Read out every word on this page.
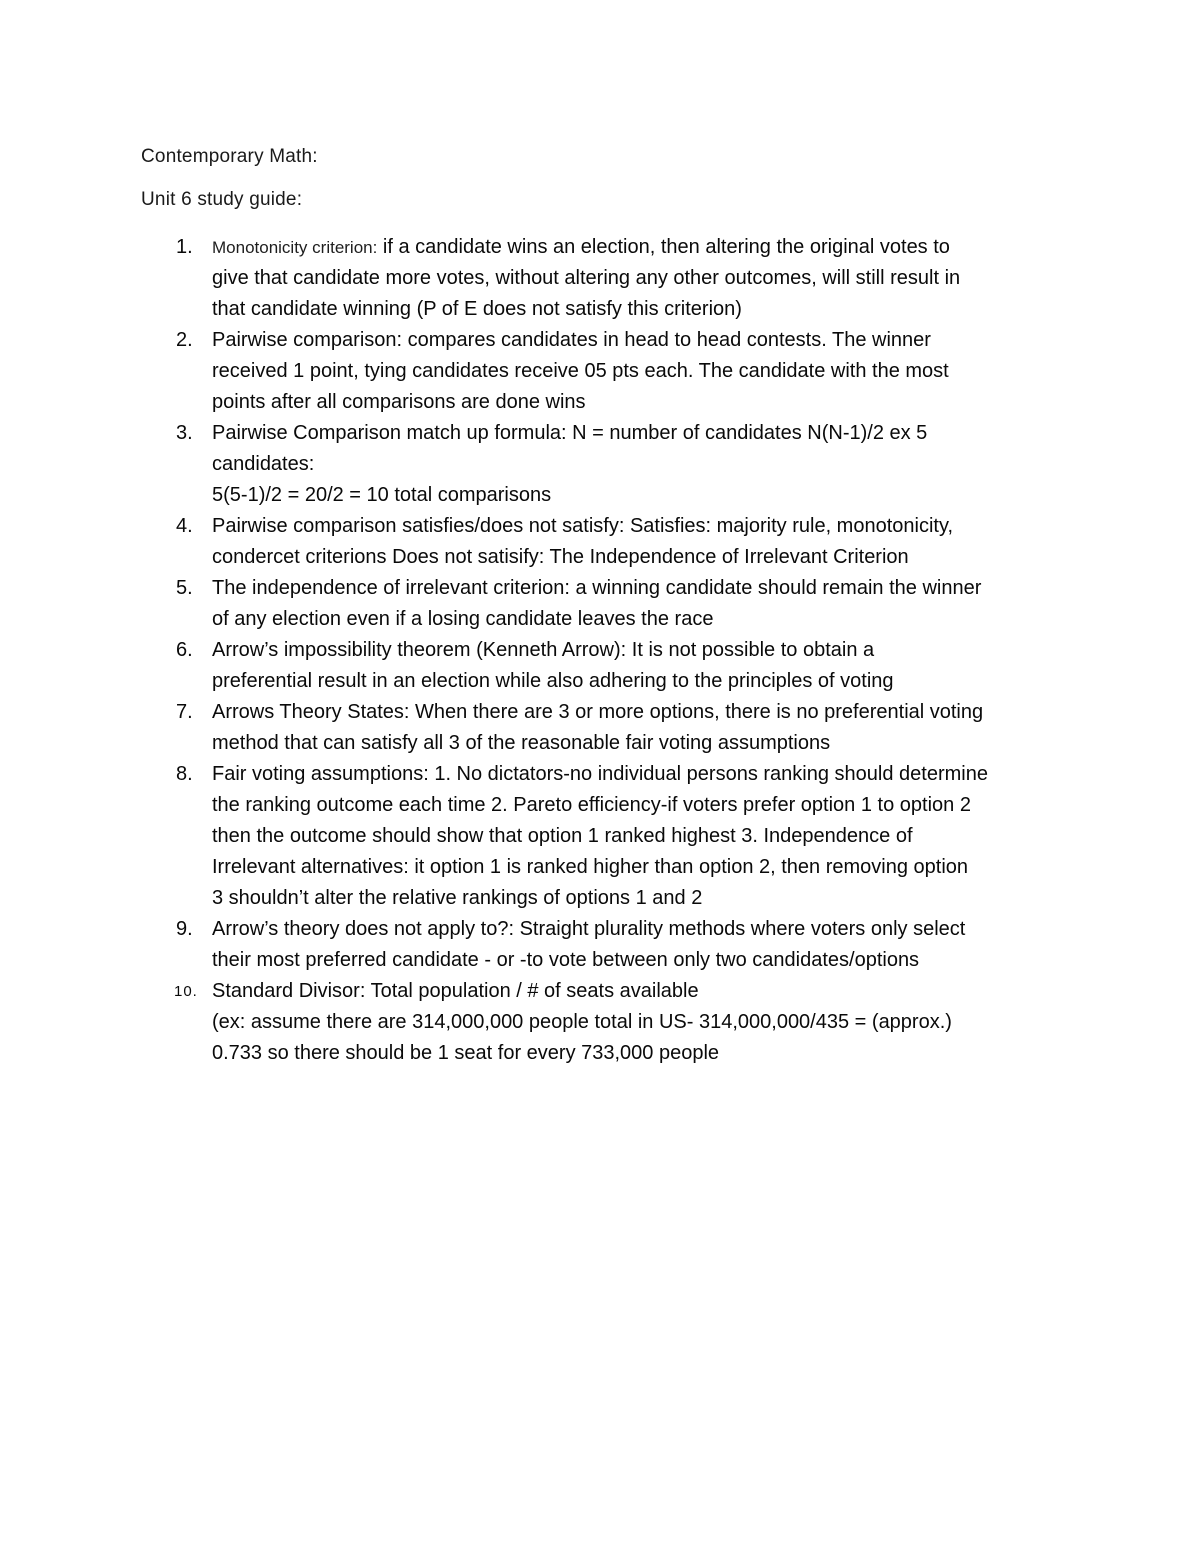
Contemporary Math:
Unit 6 study guide:
1. Monotonicity criterion: if a candidate wins an election, then altering the original votes to
give that candidate more votes, without altering any other outcomes, will still result in
that candidate winning (P of E does not satisfy this criterion)
2. Pairwise comparison: compares candidates in head to head contests. The winner
received 1 point, tying candidates receive 05 pts each. The candidate with the most
points after all comparisons are done wins
3. Pairwise Comparison match up formula: N = number of candidates N(N-1)/2 ex 5
candidates:
5(5-1)/2 = 20/2 = 10 total comparisons
4. Pairwise comparison satisfies/does not satisfy: Satisfies: majority rule, monotonicity,
condercet criterions Does not satisify: The Independence of Irrelevant Criterion
5. The independence of irrelevant criterion: a winning candidate should remain the winner
of any election even if a losing candidate leaves the race
6. Arrow’s impossibility theorem (Kenneth Arrow): It is not possible to obtain a
preferential result in an election while also adhering to the principles of voting
7. Arrows Theory States: When there are 3 or more options, there is no preferential voting
method that can satisfy all 3 of the reasonable fair voting assumptions
8. Fair voting assumptions: 1. No dictators-no individual persons ranking should determine
the ranking outcome each time 2. Pareto efficiency-if voters prefer option 1 to option 2
then the outcome should show that option 1 ranked highest 3. Independence of
Irrelevant alternatives: it option 1 is ranked higher than option 2, then removing option
3 shouldn’t alter the relative rankings of options 1 and 2
9. Arrow’s theory does not apply to?: Straight plurality methods where voters only select
their most preferred candidate - or -to vote between only two candidates/options
10. Standard Divisor: Total population / # of seats available
(ex: assume there are 314,000,000 people total in US- 314,000,000/435 = (approx.)
0.733 so there should be 1 seat for every 733,000 people
